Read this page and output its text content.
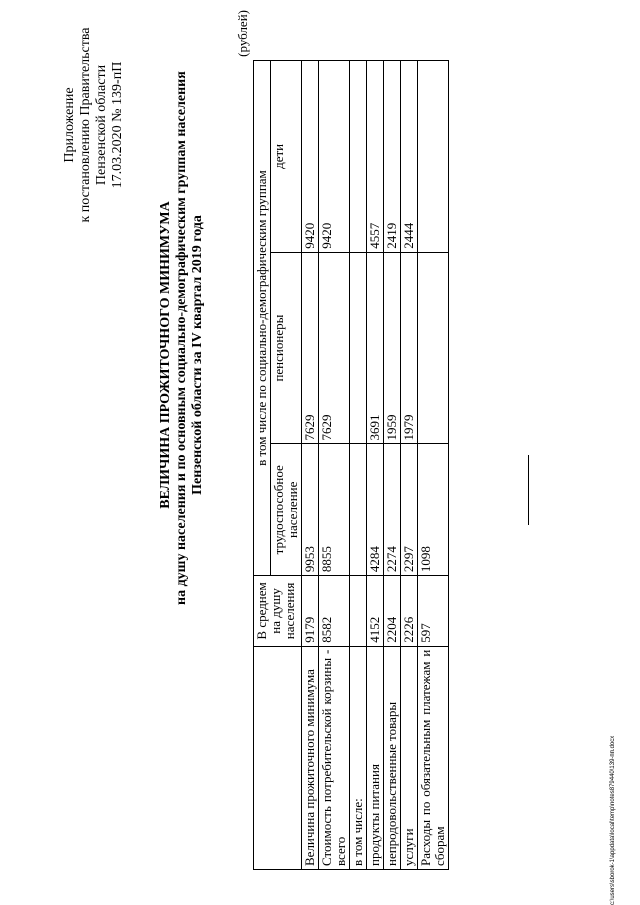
Приложение к постановлению Правительства Пензенской области 17.03.2020 № 139-пП
ВЕЛИЧИНА ПРОЖИТОЧНОГО МИНИМУМА на душу населения и по основным социально-демографическим группам населения Пензенской области за IV квартал 2019 года
(рублей)
	В среднем на душу населения	в том числе по социально-демографическим группам		
		трудоспособное население	пенсионеры	дети
Величина прожиточного минимума	9179	9953	7629	9420
Стоимость потребительской корзины - всего	8582	8855	7629	9420
в том числе:				
продукты питания	4152	4284	3691	4557
непродовольственные товары	2204	2274	1959	2419
услуги	2226	2297	1979	2444
Расходы по обязательным платежам и сборам	597	1098		
c:\users\sborok-1\appdata\local\temp\notes879440\139-пп.docx
